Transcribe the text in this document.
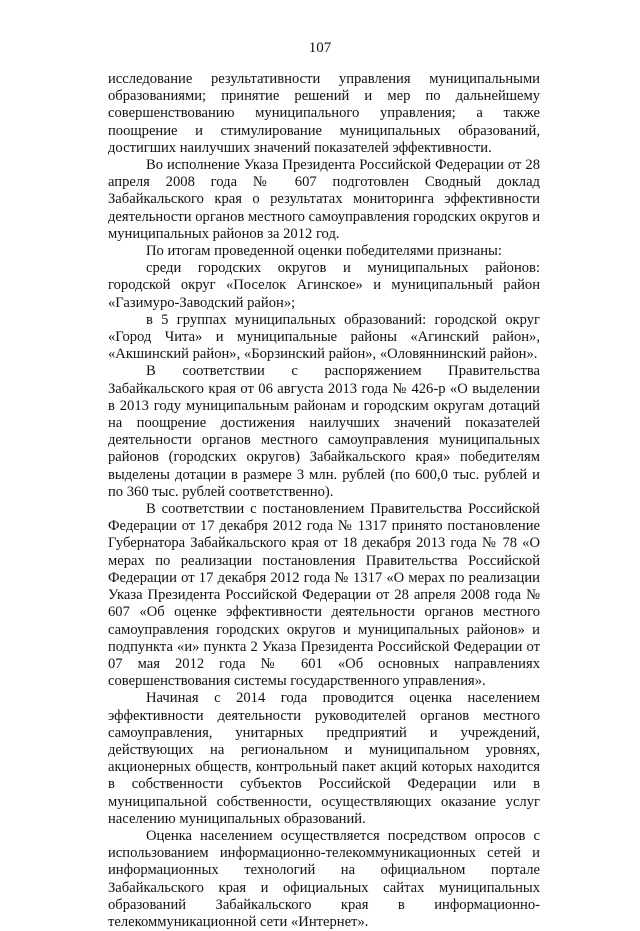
107

исследование результативности управления муниципальными образованиями; принятие решений и мер по дальнейшему совершенствованию муниципального управления; а также поощрение и стимулирование муниципальных образований, достигших наилучших значений показателей эффективности.

Во исполнение Указа Президента Российской Федерации от 28 апреля 2008 года № 607 подготовлен Сводный доклад Забайкальского края о результатах мониторинга эффективности деятельности органов местного самоуправления городских округов и муниципальных районов за 2012 год.

По итогам проведенной оценки победителями признаны:

среди городских округов и муниципальных районов: городской округ «Поселок Агинское» и муниципальный район «Газимуро-Заводский район»;

в 5 группах муниципальных образований: городской округ «Город Чита» и муниципальные районы «Агинский район», «Акшинский район», «Борзинский район», «Оловяннинский район».

В соответствии с распоряжением Правительства Забайкальского края от 06 августа 2013 года № 426-р «О выделении в 2013 году муниципальным районам и городским округам дотаций на поощрение достижения наилучших значений показателей деятельности органов местного самоуправления муниципальных районов (городских округов) Забайкальского края» победителям выделены дотации в размере 3 млн. рублей (по 600,0 тыс. рублей и по 360 тыс. рублей соответственно).

В соответствии с постановлением Правительства Российской Федерации от 17 декабря 2012 года № 1317 принято постановление Губернатора Забайкальского края от 18 декабря 2013 года № 78 «О мерах по реализации постановления Правительства Российской Федерации от 17 декабря 2012 года № 1317 «О мерах по реализации Указа Президента Российской Федерации от 28 апреля 2008 года № 607 «Об оценке эффективности деятельности органов местного самоуправления городских округов и муниципальных районов» и подпункта «и» пункта 2 Указа Президента Российской Федерации от 07 мая 2012 года № 601 «Об основных направлениях совершенствования системы государственного управления».

Начиная с 2014 года проводится оценка населением эффективности деятельности руководителей органов местного самоуправления, унитарных предприятий и учреждений, действующих на региональном и муниципальном уровнях, акционерных обществ, контрольный пакет акций которых находится в собственности субъектов Российской Федерации или в муниципальной собственности, осуществляющих оказание услуг населению муниципальных образований.

Оценка населением осуществляется посредством опросов с использованием информационно-телекоммуникационных сетей и информационных технологий на официальном портале Забайкальского края и официальных сайтах муниципальных образований Забайкальского края в информационно-телекоммуникационной сети «Интернет».
